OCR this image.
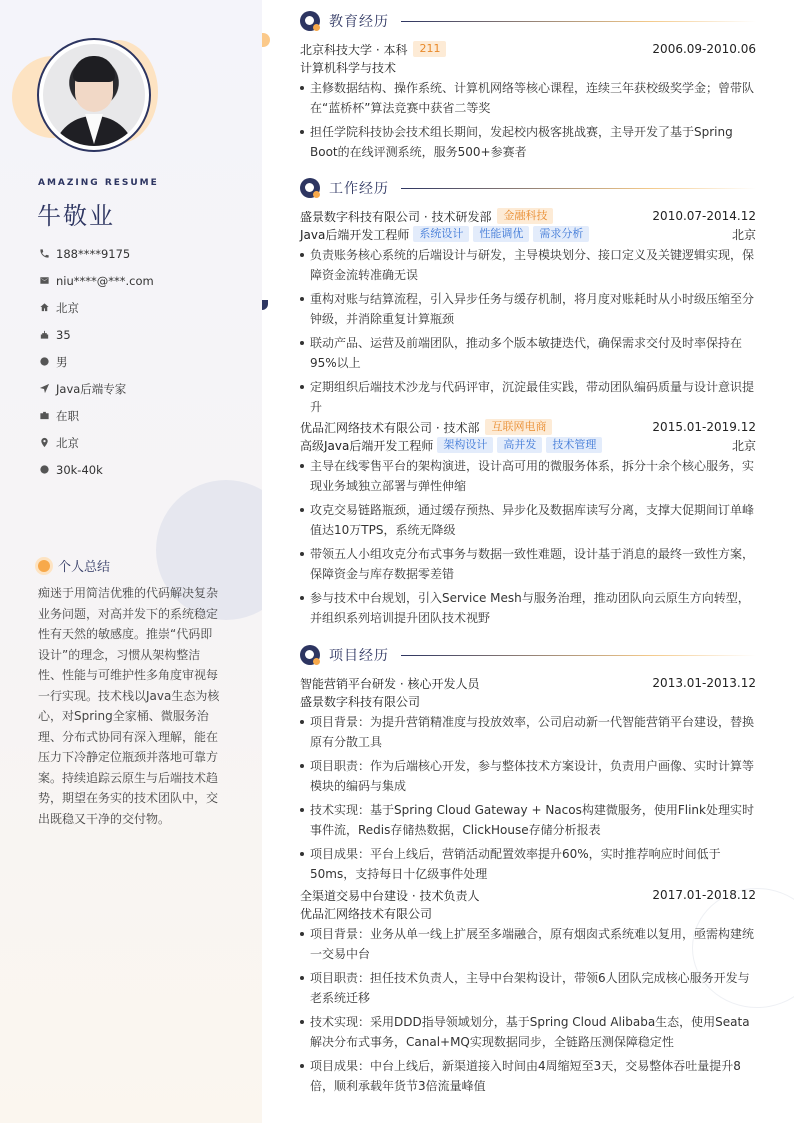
AMAZING RESUME
牛敬业
188****9175
niu****@***.com
北京
35
男
Java后端专家
在职
北京
30k-40k
个人总结
痴迷于用简洁优雅的代码解决复杂业务问题，对高并发下的系统稳定性有天然的敏感度。推崇“代码即设计”的理念，习惯从架构整洁性、性能与可维护性多角度审视每一行实现。技术栈以Java生态为核心，对Spring全家桶、微服务治理、分布式协同有深入理解，能在压力下冷静定位瓶颈并落地可靠方案。持续追踪云原生与后端技术趋势，期望在务实的技术团队中，交出既稳又干净的交付物。
教育经历
北京科技大学 · 本科	211	2006.09-2010.06
计算机科学与技术
主修数据结构、操作系统、计算机网络等核心课程，连续三年获校级奖学金；曾带队在“蓝桥杯”算法竞赛中获省二等奖
担任学院科技协会技术组长期间，发起校内极客挑战赛，主导开发了基于Spring Boot的在线评测系统，服务500+参赛者
工作经历
盛景数字科技有限公司 · 技术研发部	金融科技	2010.07-2014.12
Java后端开发工程师 系统设计	性能调优	需求分析	北京
负责账务核心系统的后端设计与研发，主导模块划分、接口定义及关键逻辑实现，保障资金流转准确无误
重构对账与结算流程，引入异步任务与缓存机制，将月度对账耗时从小时级压缩至分钟级，并消除重复计算瓶颈
联动产品、运营及前端团队，推动多个版本敏捷迭代，确保需求交付及时率保持在95%以上
定期组织后端技术沙龙与代码评审，沉淀最佳实践，带动团队编码质量与设计意识提升
优品汇网络技术有限公司 · 技术部	互联网电商	2015.01-2019.12
高级Java后端开发工程师 架构设计	高并发	技术管理	北京
主导在线零售平台的架构演进，设计高可用的微服务体系，拆分十余个核心服务，实现业务域独立部署与弹性伸缩
攻克交易链路瓶颈，通过缓存预热、异步化及数据库读写分离，支撑大促期间订单峰值达10万TPS，系统无降级
带领五人小组攻克分布式事务与数据一致性难题，设计基于消息的最终一致性方案，保障资金与库存数据零差错
参与技术中台规划，引入Service Mesh与服务治理，推动团队向云原生方向转型，并组织系列培训提升团队技术视野
项目经历
智能营销平台研发 · 核心开发人员	2013.01-2013.12
盛景数字科技有限公司
项目背景：为提升营销精准度与投放效率，公司启动新一代智能营销平台建设，替换原有分散工具
项目职责：作为后端核心开发，参与整体技术方案设计，负责用户画像、实时计算等模块的编码与集成
技术实现：基于Spring Cloud Gateway + Nacos构建微服务，使用Flink处理实时事件流，Redis存储热数据，ClickHouse存储分析报表
项目成果：平台上线后，营销活动配置效率提升60%，实时推荐响应时间低于50ms，支持每日十亿级事件处理
全渠道交易中台建设 · 技术负责人	2017.01-2018.12
优品汇网络技术有限公司
项目背景：业务从单一线上扩展至多端融合，原有烟囱式系统难以复用，亟需构建统一交易中台
项目职责：担任技术负责人，主导中台架构设计，带领6人团队完成核心服务开发与老系统迁移
技术实现：采用DDD指导领域划分，基于Spring Cloud Alibaba生态，使用Seata解决分布式事务，Canal+MQ实现数据同步，全链路压测保障稳定性
项目成果：中台上线后，新渠道接入时间由4周缩短至3天，交易整体吞吐量提升8倍，顺利承载年货节3倍流量峰值
